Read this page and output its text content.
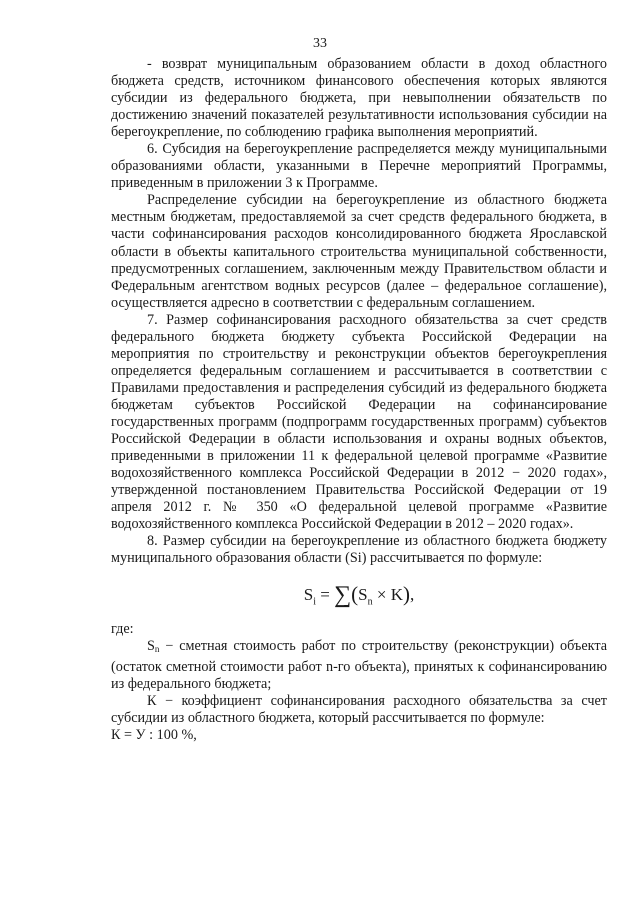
33

- возврат муниципальным образованием области в доход областного бюджета средств, источником финансового обеспечения которых являются субсидии из федерального бюджета, при невыполнении обязательств по достижению значений показателей результативности использования субсидии на берегоукрепление, по соблюдению графика выполнения мероприятий.

6. Субсидия на берегоукрепление распределяется между муниципальными образованиями области, указанными в Перечне мероприятий Программы, приведенным в приложении 3 к Программе.

Распределение субсидии на берегоукрепление из областного бюджета местным бюджетам, предоставляемой за счет средств федерального бюджета, в части софинансирования расходов консолидированного бюджета Ярославской области в объекты капитального строительства муниципальной собственности, предусмотренных соглашением, заключенным между Правительством области и Федеральным агентством водных ресурсов (далее – федеральное соглашение), осуществляется адресно в соответствии с федеральным соглашением.

7. Размер софинансирования расходного обязательства за счет средств федерального бюджета бюджету субъекта Российской Федерации на мероприятия по строительству и реконструкции объектов берегоукрепления определяется федеральным соглашением и рассчитывается в соответствии с Правилами предоставления и распределения субсидий из федерального бюджета бюджетам субъектов Российской Федерации на софинансирование государственных программ (подпрограмм государственных программ) субъектов Российской Федерации в области использования и охраны водных объектов, приведенными в приложении 11 к федеральной целевой программе «Развитие водохозяйственного комплекса Российской Федерации в 2012 − 2020 годах», утвержденной постановлением Правительства Российской Федерации от 19 апреля 2012 г. № 350 «О федеральной целевой программе «Развитие водохозяйственного комплекса Российской Федерации в 2012 – 2020 годах».

8. Размер субсидии на берегоукрепление из областного бюджета бюджету муниципального образования области (Si) рассчитывается по формуле:

$S_i = \sum(S_n \times K)$,

где:

Sn − сметная стоимость работ по строительству (реконструкции) объекта (остаток сметной стоимости работ n-го объекта), принятых к софинансированию из федерального бюджета;

К − коэффициент софинансирования расходного обязательства за счет субсидии из областного бюджета, который рассчитывается по формуле:

К = У : 100 %,
